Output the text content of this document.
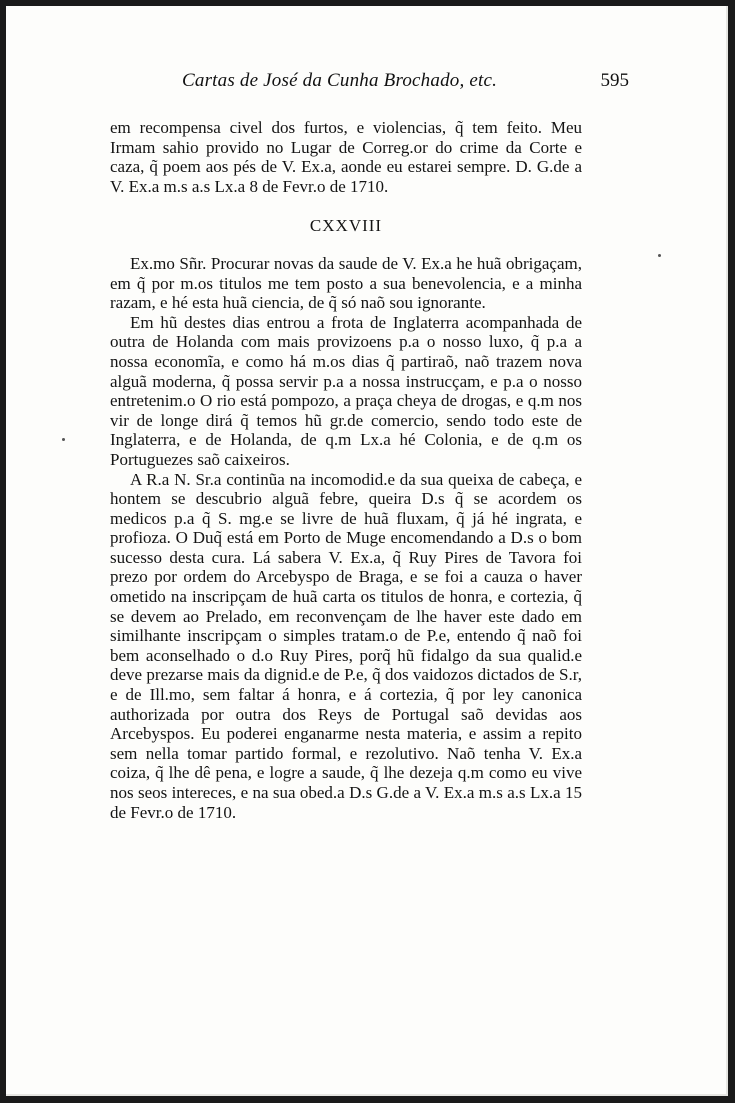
Cartas de José da Cunha Brochado, etc.	595

em recompensa civel dos furtos, e violencias, q̃ tem feito. Meu Irmam sahio provido no Lugar de Correg.or do crime da Corte e caza, q̃ poem aos pés de V. Ex.a, aonde eu estarei sempre. D. G.de a V. Ex.a m.s a.s Lx.a 8 de Fevr.o de 1710.

CXXVIII

Ex.mo Sñr. Procurar novas da saude de V. Ex.a he huã obrigaçam, em q̃ por m.os titulos me tem posto a sua benevolencia, e a minha razam, e hé esta huã ciencia, de q̃ só naõ sou ignorante.

Em hũ destes dias entrou a frota de Inglaterra acompanhada de outra de Holanda com mais provizoens p.a o nosso luxo, q̃ p.a a nossa economĩa, e como há m.os dias q̃ partiraõ, naõ trazem nova alguã moderna, q̃ possa servir p.a a nossa instrucçam, e p.a o nosso entretenim.o O rio está pompozo, a praça cheya de drogas, e q.m nos vir de longe dirá q̃ temos hũ gr.de comercio, sendo todo este de Inglaterra, e de Holanda, de q.m Lx.a hé Colonia, e de q.m os Portuguezes saõ caixeiros.

A R.a N. Sr.a continũa na incomodid.e da sua queixa de cabeça, e hontem se descubrio alguã febre, queira D.s q̃ se acordem os medicos p.a q̃ S. mg.e se livre de huã fluxam, q̃ já hé ingrata, e profioza. O Duq̃ está em Porto de Muge encomendando a D.s o bom sucesso desta cura. Lá sabera V. Ex.a, q̃ Ruy Pires de Tavora foi prezo por ordem do Arcebyspo de Braga, e se foi a cauza o haver ometido na inscripçam de huã carta os titulos de honra, e cortezia, q̃ se devem ao Prelado, em reconvençam de lhe haver este dado em similhante inscripçam o simples tratam.o de P.e, entendo q̃ naõ foi bem aconselhado o d.o Ruy Pires, porq̃ hũ fidalgo da sua qualid.e deve prezarse mais da dignid.e de P.e, q̃ dos vaidozos dictados de S.r, e de Ill.mo, sem faltar á honra, e á cortezia, q̃ por ley canonica authorizada por outra dos Reys de Portugal saõ devidas aos Arcebyspos. Eu poderei enganarme nesta materia, e assim a repito sem nella tomar partido formal, e rezolutivo. Naõ tenha V. Ex.a coiza, q̃ lhe dê pena, e logre a saude, q̃ lhe dezeja q.m como eu vive nos seos intereces, e na sua obed.a D.s G.de a V. Ex.a m.s a.s Lx.a 15 de Fevr.o de 1710.
